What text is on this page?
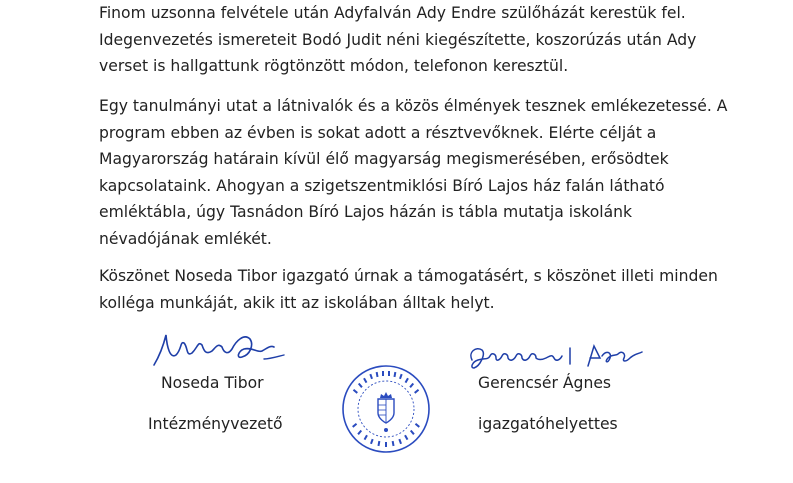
Finom uzsonna felvétele után Adyfalván Ady Endre szülőházát kerestük fel.
Idegenvezetés ismereteit Bodó Judit néni kiegészítette, koszorúzás után Ady
verset is hallgattunk rögtönzött módon, telefonon keresztül.

Egy tanulmányi utat a látnivalók és a közös élmények tesznek emlékezetessé. A
program ebben az évben is sokat adott a résztvevőknek. Elérte célját a
Magyarország határain kívül élő magyarság megismerésében, erősödtek
kapcsolataink. Ahogyan a szigetszentmiklósi Bíró Lajos ház falán látható
emléktábla, úgy Tasnádon Bíró Lajos házán is tábla mutatja iskolánk
névadójának emlékét.

Köszönet Noseda Tibor igazgató úrnak a támogatásért, s köszönet illeti minden
kolléga munkáját, akik itt az iskolában álltak helyt.

Noseda Tibor
Intézményvezető
Gerencsér Ágnes
igazgatóhelyettes
